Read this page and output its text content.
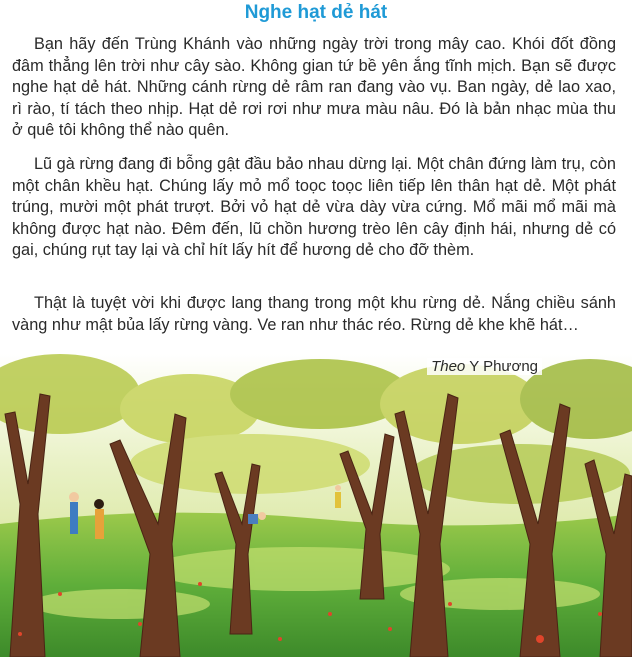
Nghe hạt dẻ hát

Bạn hãy đến Trùng Khánh vào những ngày trời trong mây cao. Khói đốt đồng đâm thẳng lên trời như cây sào. Không gian tứ bề yên ắng tĩnh mịch. Bạn sẽ được nghe hạt dẻ hát. Những cánh rừng dẻ râm ran đang vào vụ. Ban ngày, dẻ lao xao, rì rào, tí tách theo nhịp. Hạt dẻ rơi rơi như mưa màu nâu. Đó là bản nhạc mùa thu ở quê tôi không thể nào quên.

Lũ gà rừng đang đi bỗng gật đầu bảo nhau dừng lại. Một chân đứng làm trụ, còn một chân khều hạt. Chúng lấy mỏ mổ toọc toọc liên tiếp lên thân hạt dẻ. Một phát trúng, mười một phát trượt. Bởi vỏ hạt dẻ vừa dày vừa cứng. Mổ mãi mổ mãi mà không được hạt nào. Đêm đến, lũ chồn hương trèo lên cây định hái, nhưng dẻ có gai, chúng rụt tay lại và chỉ hít lấy hít để hương dẻ cho đỡ thèm.

Thật là tuyệt vời khi được lang thang trong một khu rừng dẻ. Nắng chiều sánh vàng như mật bủa lấy rừng vàng. Ve ran như thác réo. Rừng dẻ khe khẽ hát…

Theo Y Phương
